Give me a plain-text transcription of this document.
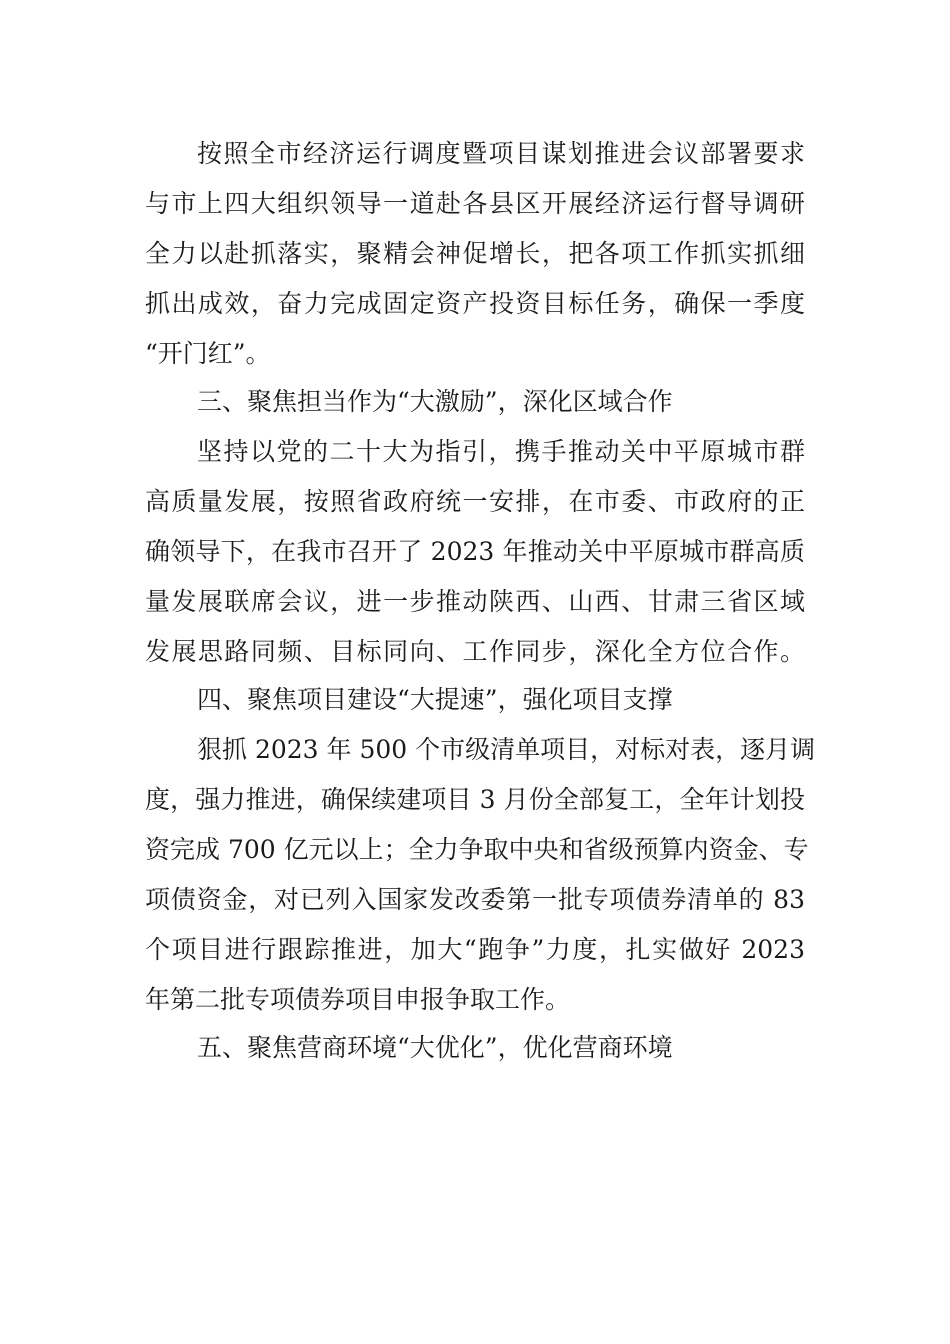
按照全市经济运行调度暨项目谋划推进会议部署要求
与市上四大组织领导一道赴各县区开展经济运行督导调研
全力以赴抓落实，聚精会神促增长，把各项工作抓实抓细
抓出成效，奋力完成固定资产投资目标任务，确保一季度
“开门红”。
三、聚焦担当作为“大激励”，深化区域合作
坚持以党的二十大为指引，携手推动关中平原城市群
高质量发展，按照省政府统一安排，在市委、市政府的正
确领导下，在我市召开了 2023 年推动关中平原城市群高质
量发展联席会议，进一步推动陕西、山西、甘肃三省区域
发展思路同频、目标同向、工作同步，深化全方位合作。
四、聚焦项目建设“大提速”，强化项目支撑
狠抓 2023 年 500 个市级清单项目，对标对表，逐月调
度，强力推进，确保续建项目 3 月份全部复工，全年计划投
资完成 700 亿元以上；全力争取中央和省级预算内资金、专
项债资金，对已列入国家发改委第一批专项债券清单的 83
个项目进行跟踪推进，加大“跑争”力度，扎实做好 2023
年第二批专项债券项目申报争取工作。
五、聚焦营商环境“大优化”，优化营商环境
